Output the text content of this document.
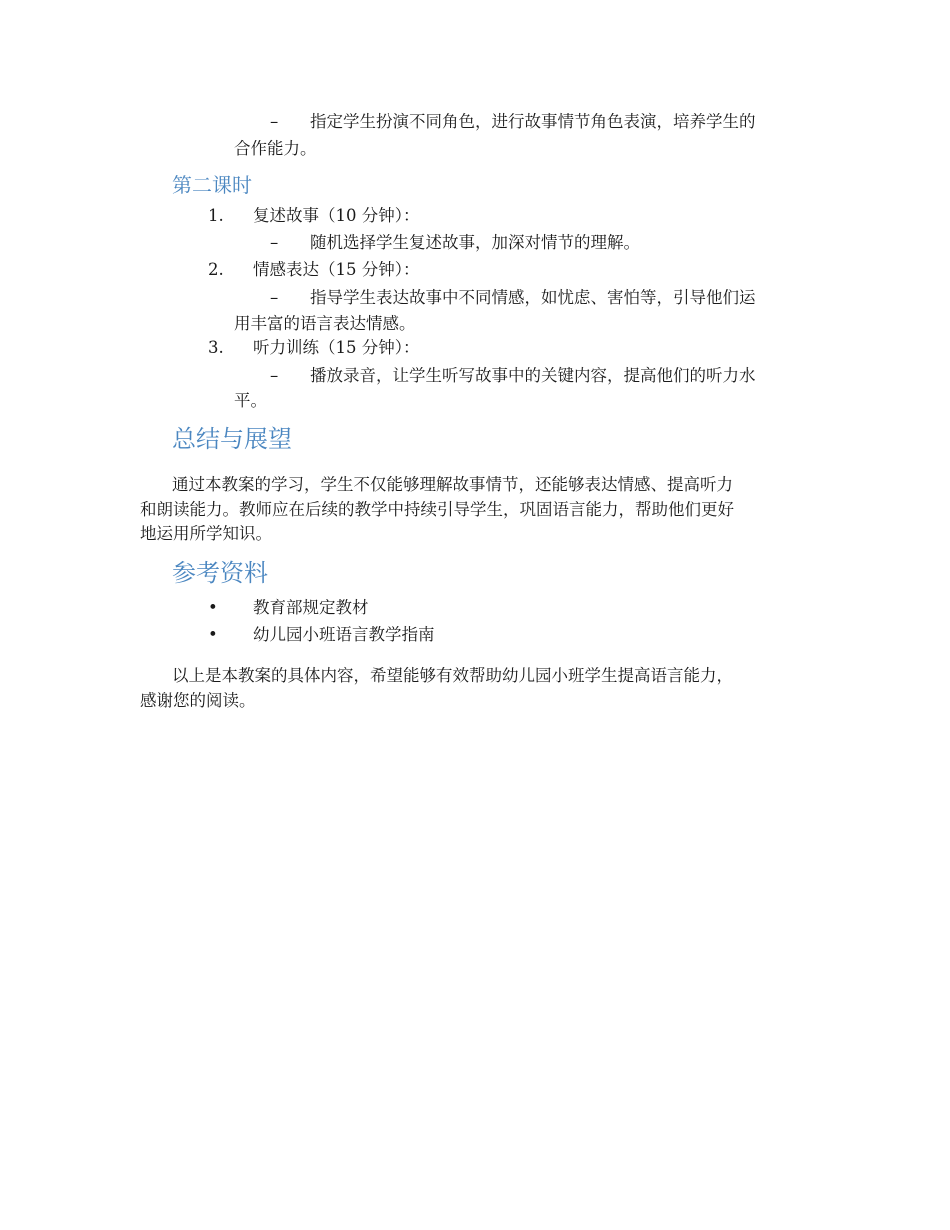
– 指定学生扮演不同角色，进行故事情节角色表演，培养学生的
合作能力。
第二课时
1. 复述故事（10 分钟）：
– 随机选择学生复述故事，加深对情节的理解。
2. 情感表达（15 分钟）：
– 指导学生表达故事中不同情感，如忧虑、害怕等，引导他们运
用丰富的语言表达情感。
3. 听力训练（15 分钟）：
– 播放录音，让学生听写故事中的关键内容，提高他们的听力水
平。
总结与展望
通过本教案的学习，学生不仅能够理解故事情节，还能够表达情感、提高听力
和朗读能力。教师应在后续的教学中持续引导学生，巩固语言能力，帮助他们更好
地运用所学知识。
参考资料
• 教育部规定教材
• 幼儿园小班语言教学指南
以上是本教案的具体内容，希望能够有效帮助幼儿园小班学生提高语言能力，
感谢您的阅读。
